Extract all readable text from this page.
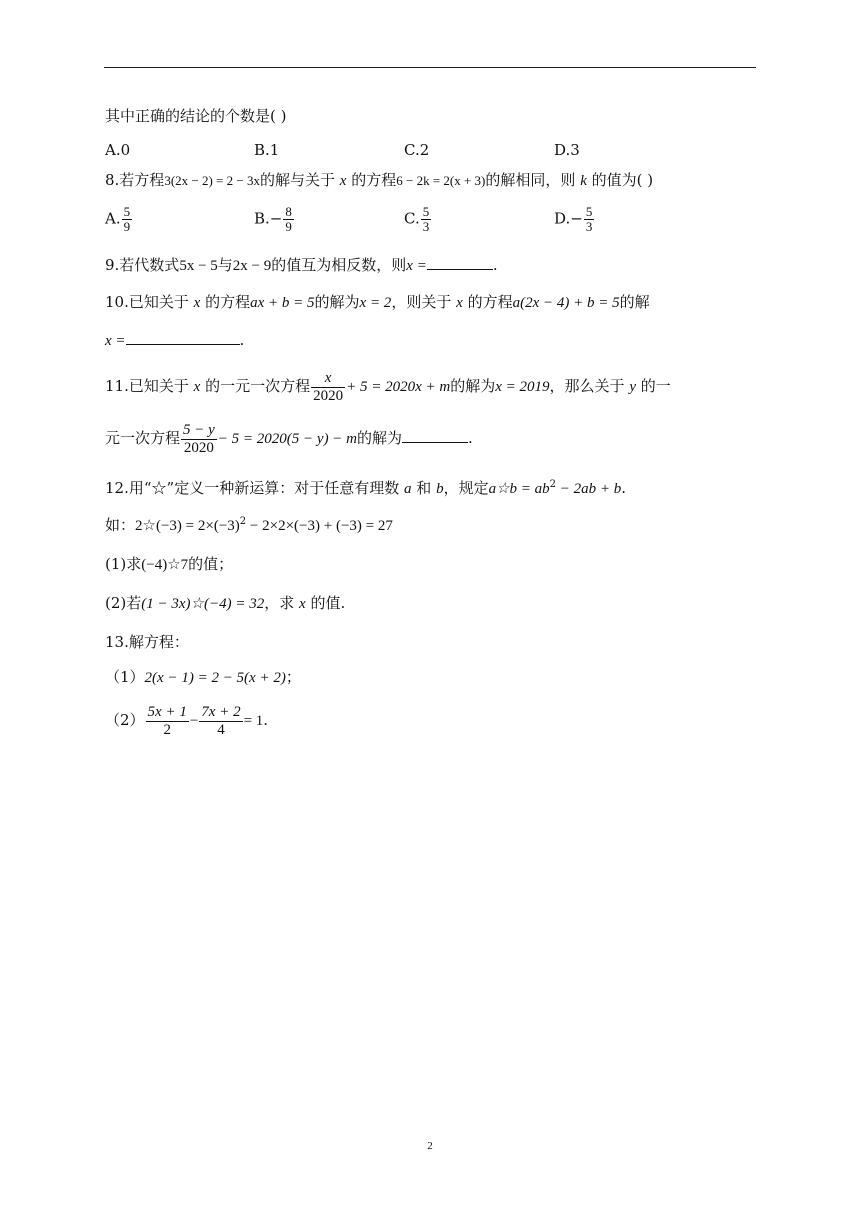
其中正确的结论的个数是( )
A.0	B.1	C.2	D.3
8.若方程3(2x − 2) = 2 − 3x的解与关于 x 的方程6 − 2k = 2(x + 3)的解相同，则 k 的值为( )
A. $\frac{5}{9}$	$B.- \frac{8}{9}$	C. $\frac{5}{3}$	$D.- \frac{5}{3}$
9.若代数式5x − 5与2x − 9的值互为相反数，则x =	.
10.已知关于 x 的方程ax + b = 5的解为x = 2，则关于 x 的方程a(2x − 4) + b = 5的解
x =	.
11.已知关于 x 的一元一次方程 $\frac{x}{2020} + 5 = 2020x + m$的解为x = 2019，那么关于 y 的一
元一次方程 $\frac{5 - y}{2020} - 5 = 2020(5 - y) - m$的解为	.
12.用“☆”定义一种新运算：对于任意有理数 a 和 b，规定a☆b = $ab^2 - 2ab + b$.
如：2☆(−3) = $2\times(-3)^2 - 2\times 2\times(-3) + (-3) = 27$
(1)求(−4)☆7的值；
(2)若(1 − 3x)☆(−4) = 32，求 x 的值.
13.解方程：
（1）2(x − 1) = 2 − 5(x + 2)；
$(2) \frac{5x + 1}{2} - \frac{7x + 2}{4} = 1$.
2
